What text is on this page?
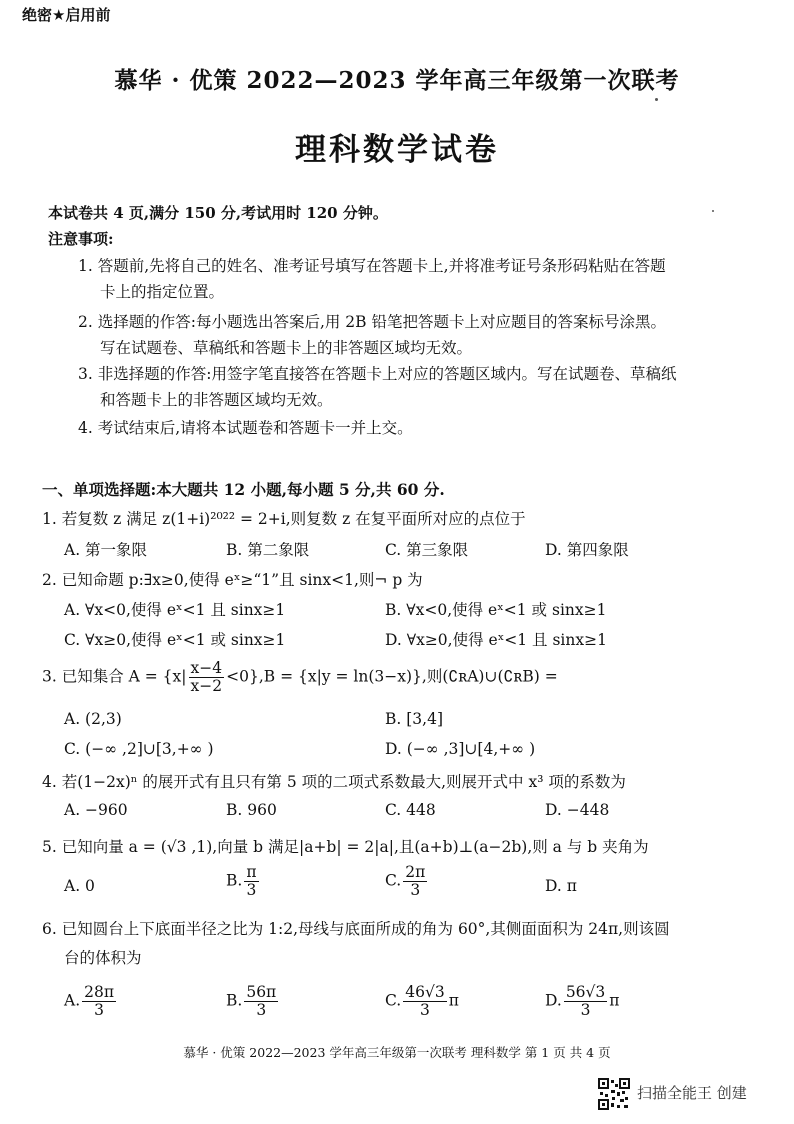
绝密★启用前
慕华 · 优策 2022—2023 学年高三年级第一次联考
理科数学试卷
本试卷共 4 页,满分 150 分,考试用时 120 分钟。
注意事项:
1. 答题前,先将自己的姓名、准考证号填写在答题卡上,并将准考证号条形码粘贴在答题
卡上的指定位置。
2. 选择题的作答:每小题选出答案后,用 2B 铅笔把答题卡上对应题目的答案标号涂黑。
写在试题卷、草稿纸和答题卡上的非答题区域均无效。
3. 非选择题的作答:用签字笔直接答在答题卡上对应的答题区域内。写在试题卷、草稿纸
和答题卡上的非答题区域均无效。
4. 考试结束后,请将本试题卷和答题卡一并上交。
一、单项选择题:本大题共 12 小题,每小题 5 分,共 60 分.
1. 若复数 z 满足 z(1+i)²⁰²² = 2+i,则复数 z 在复平面所对应的点位于
A. 第一象限	B. 第二象限	C. 第三象限	D. 第四象限
2. 已知命题 p:∃x≥0,使得 eˣ≥“1”且 sinx<1,则¬ p 为
A. ∀x<0,使得 eˣ<1 且 sinx≥1	B. ∀x<0,使得 eˣ<1 或 sinx≥1
C. ∀x≥0,使得 eˣ<1 或 sinx≥1	D. ∀x≥0,使得 eˣ<1 且 sinx≥1
3. 已知集合 $A = \{x| \frac{x-4}{x-2} <0\},B = \{x|y = \ln(3-x)\}$,则(∁ʀA)∪(∁ʀB) =
A. (2,3)	B. [3,4]
C. (−∞ ,2]∪[3,+∞ )	D. (−∞ ,3]∪[4,+∞ )
4. 若(1−2x)ⁿ 的展开式有且只有第 5 项的二项式系数最大,则展开式中 x³ 项的系数为
A. −960	B. 960	C. 448	D. −448
5. 已知向量 a = (√3 ,1),向量 b 满足|a+b| = 2|a|,且(a+b)⊥(a−2b),则 a 与 b 夹角为
A. 0	B. $\frac{\pi}{3}$	C. $\frac{2\pi}{3}$	D. π
6. 已知圆台上下底面半径之比为 1:2,母线与底面所成的角为 60°,其侧面面积为 24π,则该圆
台的体积为
A. $\frac{28\pi}{3}$	B. $\frac{56\pi}{3}$	C. $\frac{46√3}{3}$ π	D. $\frac{56√3}{3}$ π
慕华 · 优策 2022—2023 学年高三年级第一次联考 理科数学 第 1 页 共 4 页
扫描全能王 创建
